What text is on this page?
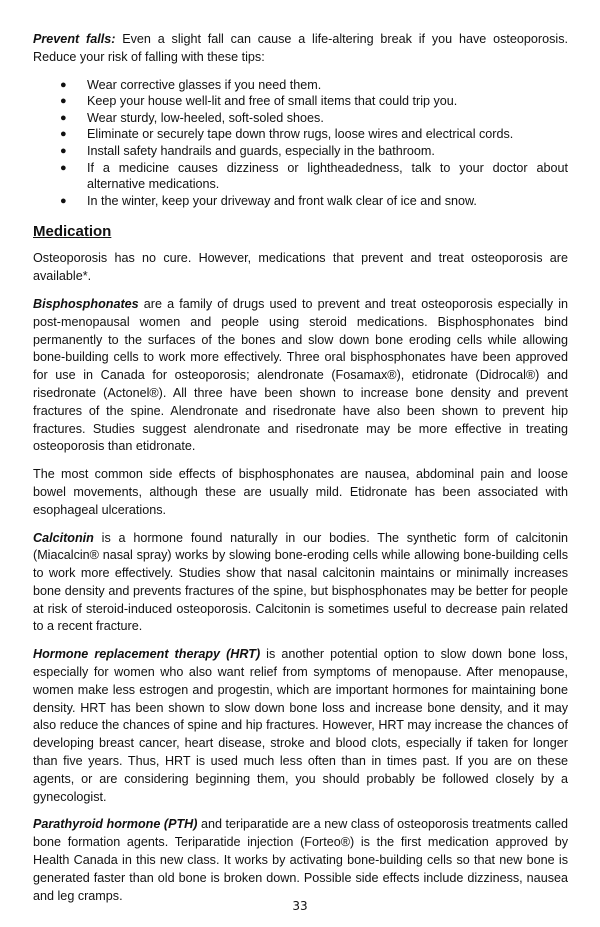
Prevent falls: Even a slight fall can cause a life-altering break if you have osteoporosis. Reduce your risk of falling with these tips:

● Wear corrective glasses if you need them.
● Keep your house well-lit and free of small items that could trip you.
● Wear sturdy, low-heeled, soft-soled shoes.
● Eliminate or securely tape down throw rugs, loose wires and electrical cords.
● Install safety handrails and guards, especially in the bathroom.
● If a medicine causes dizziness or lightheadedness, talk to your doctor about alternative medications.
● In the winter, keep your driveway and front walk clear of ice and snow.
Medication

Osteoporosis has no cure. However, medications that prevent and treat osteoporosis are available*.

Bisphosphonates are a family of drugs used to prevent and treat osteoporosis especially in post-menopausal women and people using steroid medications. Bisphosphonates bind permanently to the surfaces of the bones and slow down bone eroding cells while allowing bone-building cells to work more effectively. Three oral bisphosphonates have been approved for use in Canada for osteoporosis; alendronate (Fosamax®), etidronate (Didrocal®) and risedronate (Actonel®). All three have been shown to increase bone density and prevent fractures of the spine. Alendronate and risedronate have also been shown to prevent hip fractures. Studies suggest alendronate and risedronate may be more effective in treating osteoporosis than etidronate.

The most common side effects of bisphosphonates are nausea, abdominal pain and loose bowel movements, although these are usually mild. Etidronate has been associated with esophageal ulcerations.

Calcitonin is a hormone found naturally in our bodies. The synthetic form of calcitonin (Miacalcin® nasal spray) works by slowing bone-eroding cells while allowing bone-building cells to work more effectively. Studies show that nasal calcitonin maintains or minimally increases bone density and prevents fractures of the spine, but bisphosphonates may be better for people at risk of steroid-induced osteoporosis. Calcitonin is sometimes useful to decrease pain related to a recent fracture.

Hormone replacement therapy (HRT) is another potential option to slow down bone loss, especially for women who also want relief from symptoms of menopause. After menopause, women make less estrogen and progestin, which are important hormones for maintaining bone density. HRT has been shown to slow down bone loss and increase bone density, and it may also reduce the chances of spine and hip fractures. However, HRT may increase the chances of developing breast cancer, heart disease, stroke and blood clots, especially if taken for longer than five years. Thus, HRT is used much less often than in times past. If you are on these agents, or are considering beginning them, you should probably be followed closely by a gynecologist.

Parathyroid hormone (PTH) and teriparatide are a new class of osteoporosis treatments called bone formation agents. Teriparatide injection (Forteo®) is the first medication approved by Health Canada in this new class. It works by activating bone-building cells so that new bone is generated faster than old bone is broken down. Possible side effects include dizziness, nausea and leg cramps.

33
